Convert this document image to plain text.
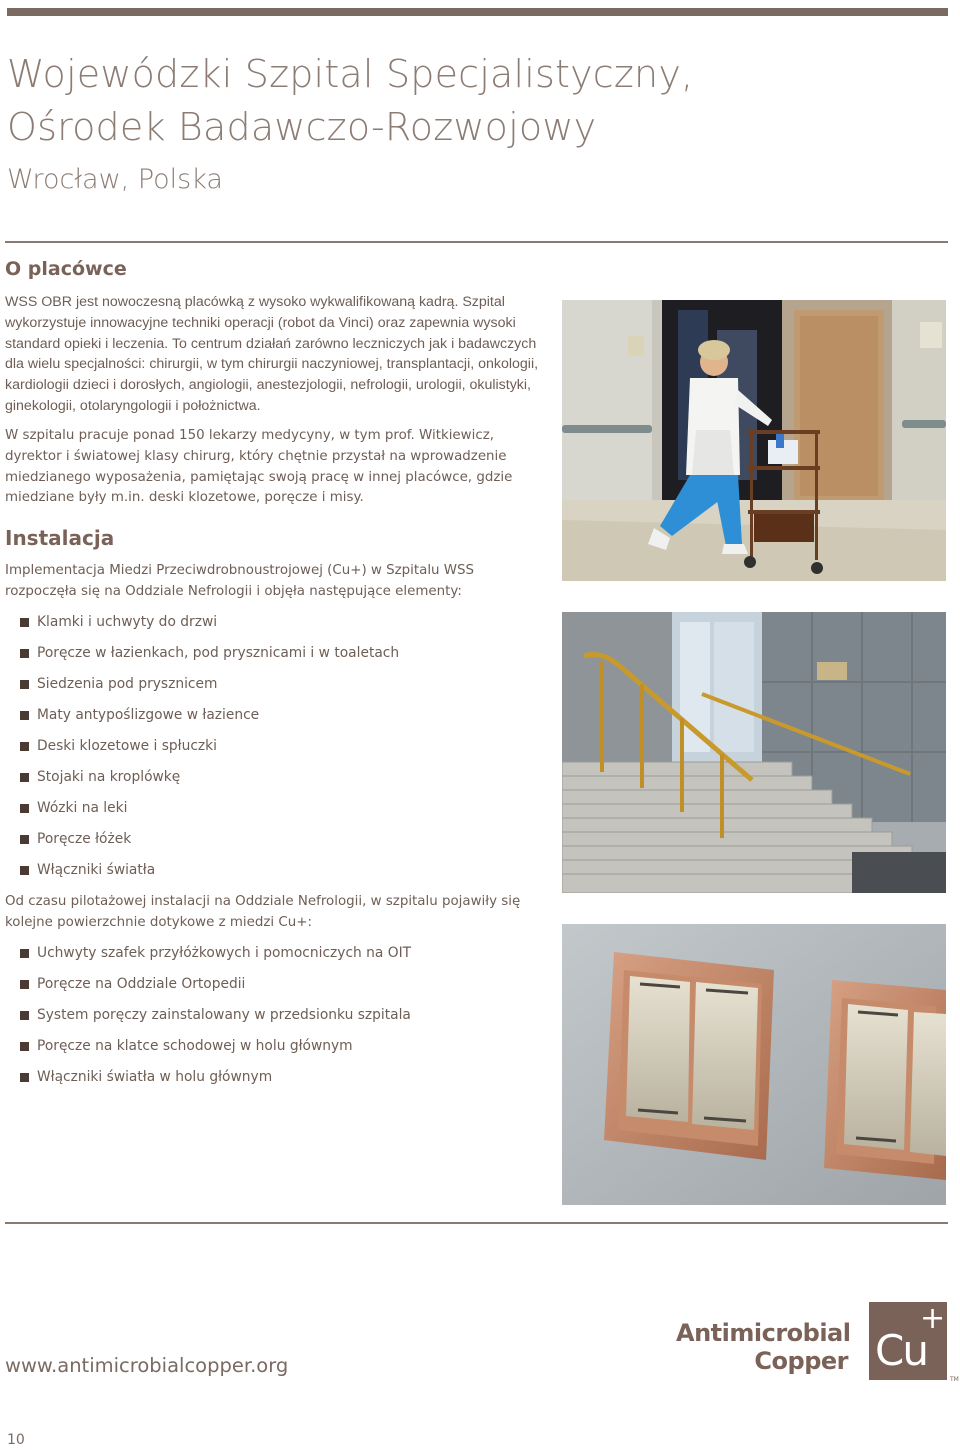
Wojewódzki Szpital Specjalistyczny,
Ośrodek Badawczo-Rozwojowy
Wrocław, Polska
O placówce

WSS OBR jest nowoczesną placówką z wysoko wykwalifikowaną kadrą. Szpital wykorzystuje innowacyjne techniki operacji (robot da Vinci) oraz zapewnia wysoki standard opieki i leczenia. To centrum działań zarówno leczniczych jak i badawczych dla wielu specjalności: chirurgii, w tym chirurgii naczyniowej, transplantacji, onkologii, kardiologii dzieci i dorosłych, angiologii, anestezjologii, nefrologii, urologii, okulistyki, ginekologii, otolaryngologii i położnictwa.

W szpitalu pracuje ponad 150 lekarzy medycyny, w tym prof. Witkiewicz, dyrektor i światowej klasy chirurg, który chętnie przystał na wprowadzenie miedzianego wyposażenia, pamiętając swoją pracę w innej placówce, gdzie miedziane były m.in. deski klozetowe, poręcze i misy.

Instalacja

Implementacja Miedzi Przeciwdrobnoustrojowej (Cu+) w Szpitalu WSS rozpoczęła się na Oddziale Nefrologii i objęła następujące elementy:

Klamki i uchwyty do drzwi
Poręcze w łazienkach, pod prysznicami i w toaletach
Siedzenia pod prysznicem
Maty antypoślizgowe w łazience
Deski klozetowe i spłuczki
Stojaki na kroplówkę
Wózki na leki
Poręcze łóżek
Włączniki światła

Od czasu pilotażowej instalacji na Oddziale Nefrologii, w szpitalu pojawiły się kolejne powierzchnie dotykowe z miedzi Cu+:

Uchwyty szafek przyłóżkowych i pomocniczych na OIT
Poręcze na Oddziale Ortopedii
System poręczy zainstalowany w przedsionku szpitala
Poręcze na klatce schodowej w holu głównym
Włączniki światła w holu głównym
www.antimicrobialcopper.org
Antimicrobial
Copper Cu
+
TM
10
